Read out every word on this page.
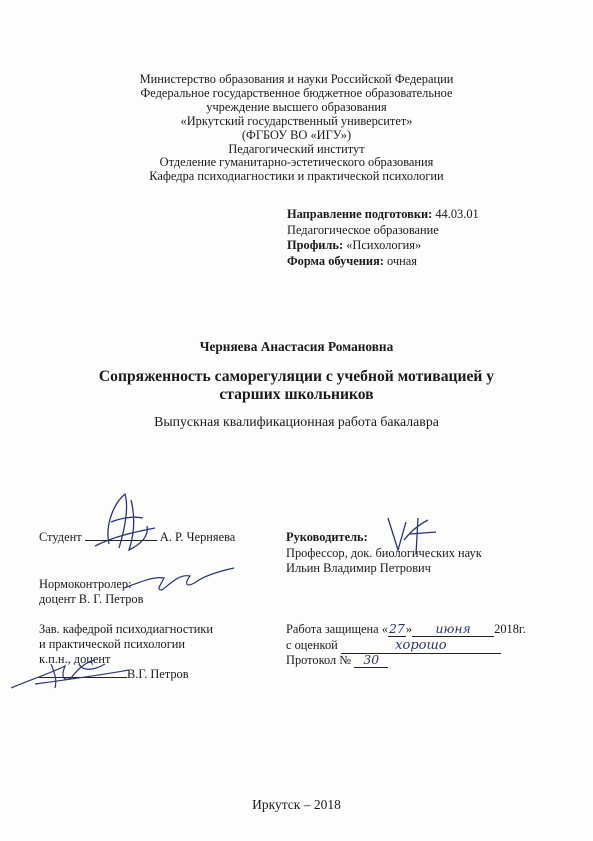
Министерство образования и науки Российской Федерации
Федеральное государственное бюджетное образовательное
учреждение высшего образования
«Иркутский государственный университет»
(ФГБОУ ВО «ИГУ»)
Педагогический институт
Отделение гуманитарно-эстетического образования
Кафедра психодиагностики и практической психологии
Направление подготовки: 44.03.01
Педагогическое образование
Профиль: «Психология»
Форма обучения: очная
Черняева Анастасия Романовна
Сопряженность саморегуляции с учебной мотивацией у
старших школьников
Выпускная квалификационная работа бакалавра
Студент	А. Р. Черняева	Руководитель:
Профессор, док. биологических наук
Ильин Владимир Петрович
Нормоконтролер:
доцент В. Г. Петров
Зав. кафедрой психодиагностики
и практической психологии
к.п.н., доцент
В.Г. Петров
Работа защищена «27» июня 2018г.
с оценкой	хорошо
Протокол № 30
Иркутск – 2018
